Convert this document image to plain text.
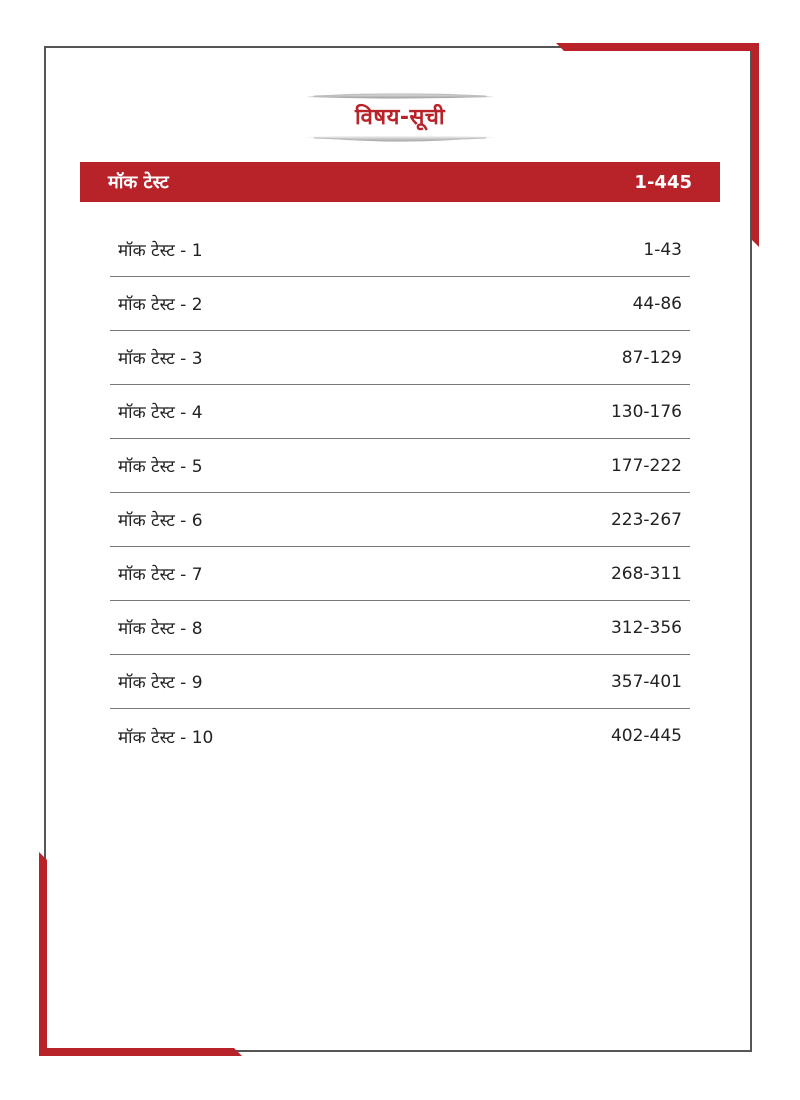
विषय-सूची
मॉक टेस्ट	1-445
मॉक टेस्ट - 1	1-43
मॉक टेस्ट - 2	44-86
मॉक टेस्ट - 3	87-129
मॉक टेस्ट - 4	130-176
मॉक टेस्ट - 5	177-222
मॉक टेस्ट - 6	223-267
मॉक टेस्ट - 7	268-311
मॉक टेस्ट - 8	312-356
मॉक टेस्ट - 9	357-401
मॉक टेस्ट - 10	402-445
